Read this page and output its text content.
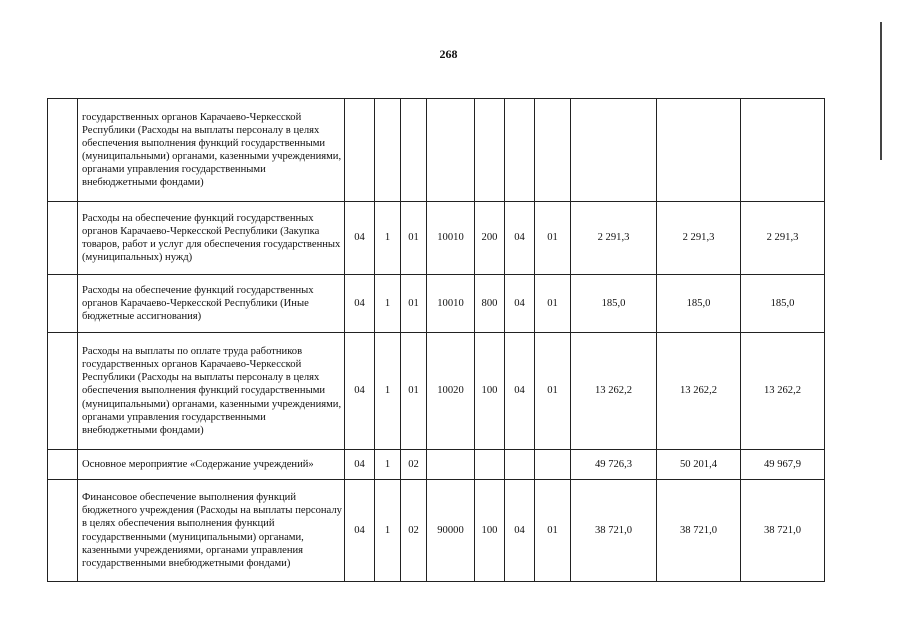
268
	государственных органов Карачаево-Черкесской Республики (Расходы на выплаты персоналу в целях обеспечения выполнения функций государственными (муниципальными) органами, казенными учреждениями, органами управления государственными внебюджетными фондами)										
	Расходы на обеспечение функций государственных органов Карачаево-Черкесской Республики (Закупка товаров, работ и услуг для обеспечения государственных (муниципальных) нужд)	04	1	01	10010	200	04	01	2 291,3	2 291,3	2 291,3
	Расходы на обеспечение функций государственных органов Карачаево-Черкесской Республики (Иные бюджетные ассигнования)	04	1	01	10010	800	04	01	185,0	185,0	185,0
	Расходы на выплаты по оплате труда работников государственных органов Карачаево-Черкесской Республики (Расходы на выплаты персоналу в целях обеспечения выполнения функций государственными (муниципальными) органами, казенными учреждениями, органами управления государственными внебюджетными фондами)	04	1	01	10020	100	04	01	13 262,2	13 262,2	13 262,2
	Основное мероприятие «Содержание учреждений»	04	1	02					49 726,3	50 201,4	49 967,9
	Финансовое обеспечение выполнения функций бюджетного учреждения (Расходы на выплаты персоналу в целях обеспечения выполнения функций государственными (муниципальными) органами, казенными учреждениями, органами управления государственными внебюджетными фондами)	04	1	02	90000	100	04	01	38 721,0	38 721,0	38 721,0
